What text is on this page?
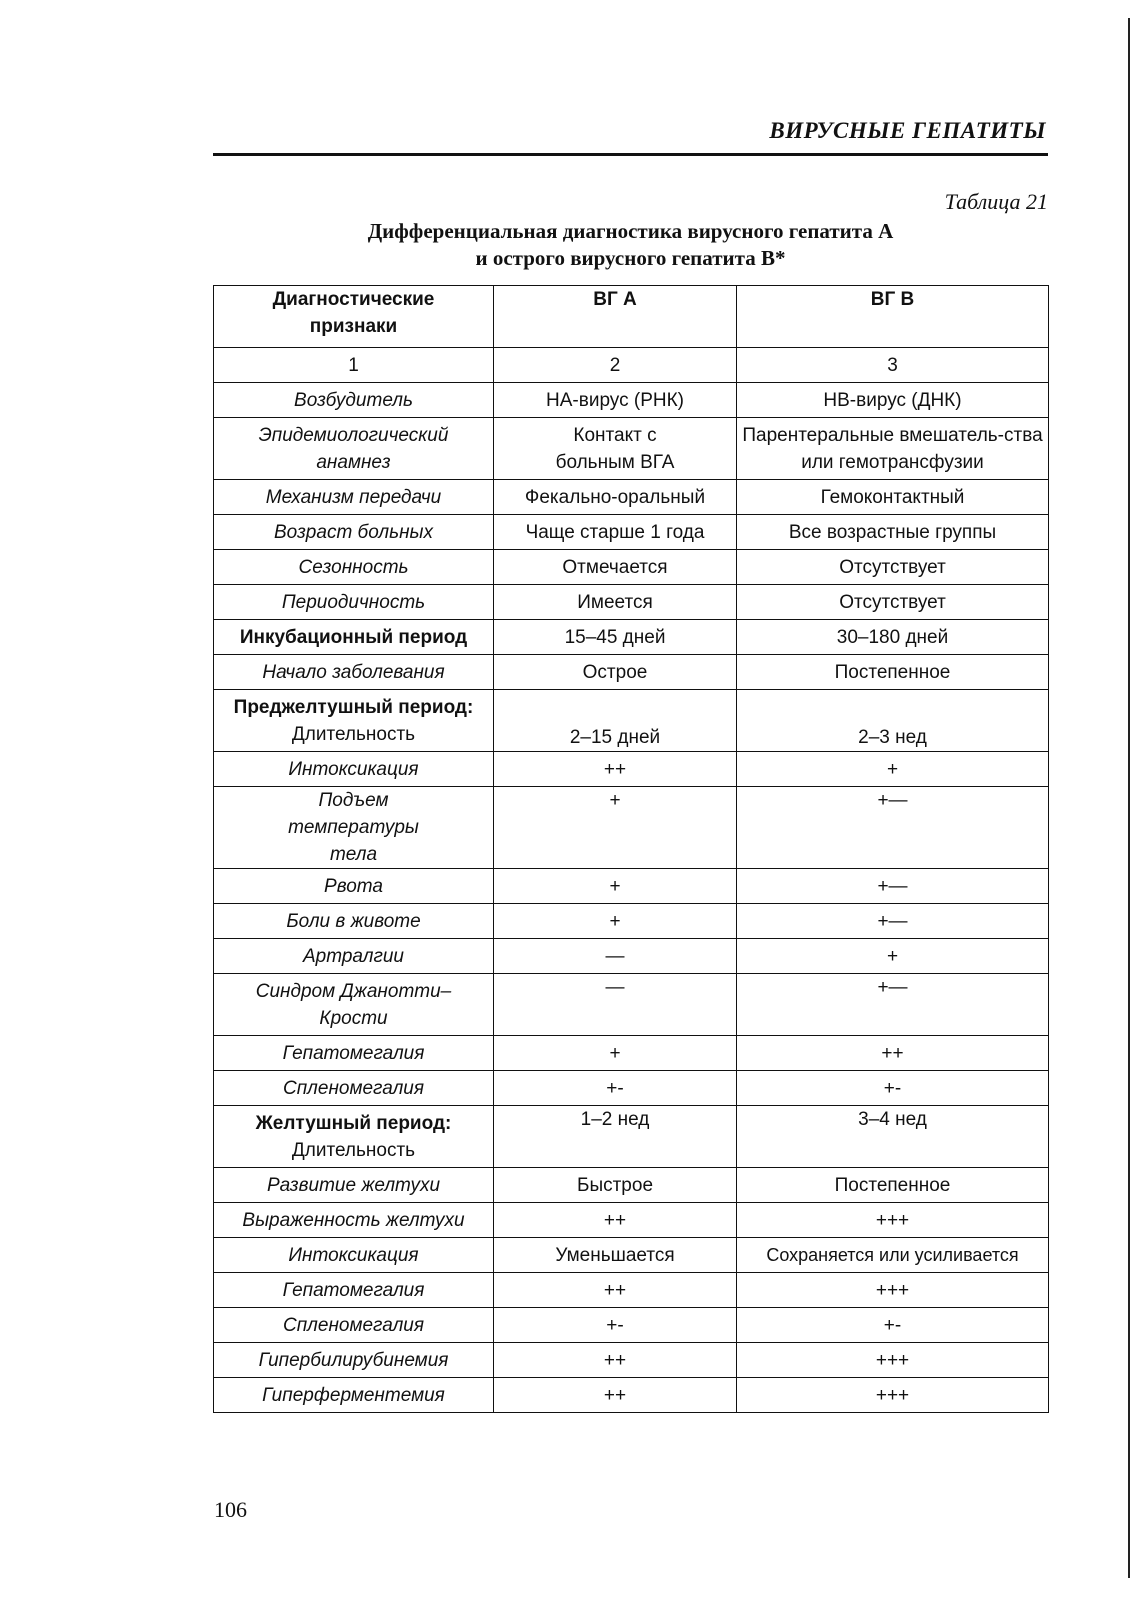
ВИРУСНЫЕ ГЕПАТИТЫ
Таблица 21
Дифференциальная диагностика вирусного гепатита А
и острого вирусного гепатита В*
Диагностические признаки	ВГ А	ВГ В
1	2	3
Возбудитель	НА-вирус (РНК)	НВ-вирус (ДНК)
Эпидемиологический анамнез	Контакт с больным ВГА	Парентеральные вмешатель-ства или гемотрансфузии
Механизм передачи	Фекально-оральный	Гемоконтактный
Возраст больных	Чаще старше 1 года	Все возрастные группы
Сезонность	Отмечается	Отсутствует
Периодичность	Имеется	Отсутствует
Инкубационный период	15–45 дней	30–180 дней
Начало заболевания	Острое	Постепенное
Преджелтушный период:
Длительность	2–15 дней	2–3 нед
Интоксикация	++	+
Подъем температуры тела	+	+—
Рвота	+	+—
Боли в животе	+	+—
Артралгии	—	+
Синдром Джанотти–Крости	—	+—
Гепатомегалия	+	++
Спленомегалия	+-	+-
Желтушный период:
Длительность	1–2 нед	3–4 нед
Развитие желтухи	Быстрое	Постепенное
Выраженность желтухи	++	+++
Интоксикация	Уменьшается	Сохраняется или усиливается
Гепатомегалия	++	+++
Спленомегалия	+-	+-
Гипербилирубинемия	++	+++
Гиперферментемия	++	+++
106
